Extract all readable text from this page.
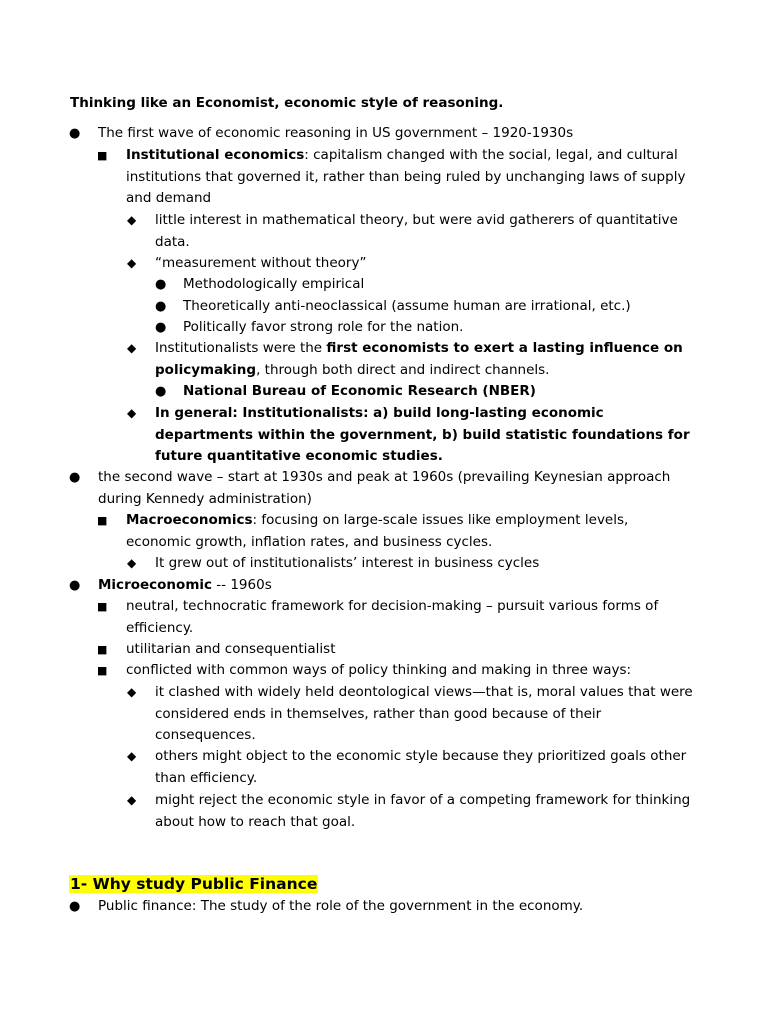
Thinking like an Economist, economic style of reasoning.
● The first wave of economic reasoning in US government – 1920-1930s
■ Institutional economics: capitalism changed with the social, legal, and cultural institutions that governed it, rather than being ruled by unchanging laws of supply and demand
◆ little interest in mathematical theory, but were avid gatherers of quantitative data.
◆ “measurement without theory”
● Methodologically empirical
● Theoretically anti-neoclassical (assume human are irrational, etc.)
● Politically favor strong role for the nation.
◆ Institutionalists were the first economists to exert a lasting influence on policymaking, through both direct and indirect channels.
● National Bureau of Economic Research (NBER)
◆ In general: Institutionalists: a) build long-lasting economic departments within the government, b) build statistic foundations for future quantitative economic studies.
● the second wave – start at 1930s and peak at 1960s (prevailing Keynesian approach during Kennedy administration)
■ Macroeconomics: focusing on large-scale issues like employment levels, economic growth, inflation rates, and business cycles.
◆ It grew out of institutionalists’ interest in business cycles
● Microeconomic -- 1960s
■ neutral, technocratic framework for decision-making – pursuit various forms of efficiency.
■ utilitarian and consequentialist
■ conflicted with common ways of policy thinking and making in three ways:
◆ it clashed with widely held deontological views—that is, moral values that were considered ends in themselves, rather than good because of their consequences.
◆ others might object to the economic style because they prioritized goals other than efficiency.
◆ might reject the economic style in favor of a competing framework for thinking about how to reach that goal.
1- Why study Public Finance
● Public finance: The study of the role of the government in the economy.
